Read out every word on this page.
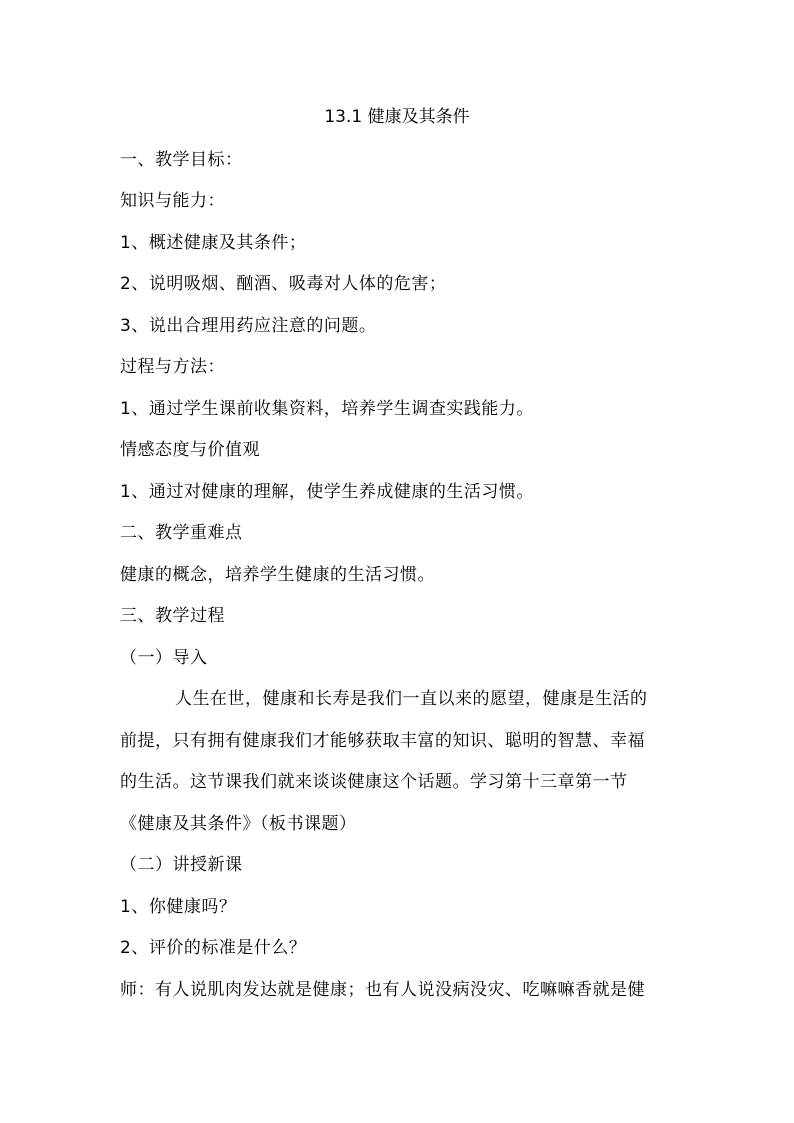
13.1 健康及其条件
一、教学目标：
知识与能力：
1、概述健康及其条件；
2、说明吸烟、酗酒、吸毒对人体的危害；
3、说出合理用药应注意的问题。
过程与方法：
1、通过学生课前收集资料，培养学生调查实践能力。
情感态度与价值观
1、通过对健康的理解，使学生养成健康的生活习惯。
二、教学重难点
健康的概念，培养学生健康的生活习惯。
三、教学过程
（一）导入
人生在世，健康和长寿是我们一直以来的愿望，健康是生活的
前提，只有拥有健康我们才能够获取丰富的知识、聪明的智慧、幸福
的生活。这节课我们就来谈谈健康这个话题。学习第十三章第一节
《健康及其条件》（板书课题）
（二）讲授新课
1、你健康吗？
2、评价的标准是什么？
师：有人说肌肉发达就是健康；也有人说没病没灾、吃嘛嘛香就是健
